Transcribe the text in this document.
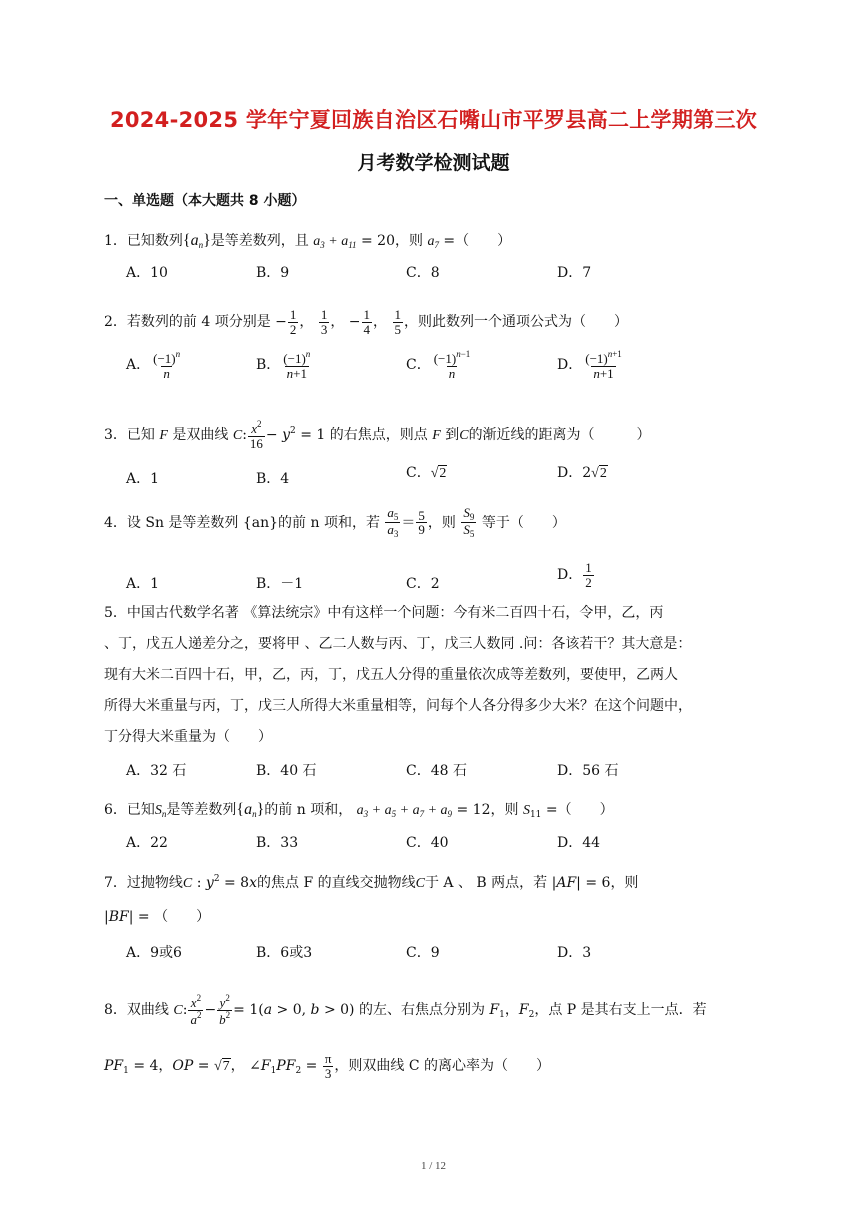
2024-2025 学年宁夏回族自治区石嘴山市平罗县高二上学期第三次
月考数学检测试题
一、单选题（本大题共 8 小题）
1．已知数列$\{a_n\}$是等差数列，且 $a_3 + a_{11} = 20$，则 $a_7$ =（　　）
A．10	B．9	C．8	D．7
2．若数列的前 4 项分别是 − $\frac{1}{2}$ ， $\frac{1}{3}$ ， − $\frac{1}{4}$ ， $\frac{1}{5}$ ，则此数列一个通项公式为（　　）
A． $\frac{(-1)^n}{n}$	B． $\frac{(-1)^n}{n+1}$	C． $\frac{(-1)^{n-1}}{n}$	D． $\frac{(-1)^{n+1}}{n+1}$
3．已知 F 是双曲线 C: $\frac{x^2}{16} - y^2 = 1$ 的右焦点，则点 F 到C的渐近线的距离为（　　　）
A．1	B．4	C．√2	D．2√2
4．设 Sn 是等差数列 {an}的前 n 项和，若 $\frac{a_5}{a_3} = \frac{5}{9}$ ，则 $\frac{S_9}{S_5}$ 等于（　　）
A．1	B．－1	C．2
D． $\frac{1}{2}$
5．中国古代数学名著 《算法统宗》中有这样一个问题：今有米二百四十石，令甲，乙，丙
、丁，戊五人递差分之，要将甲 、乙二人数与丙、丁，戊三人数同 .问：各该若干？其大意是：
现有大米二百四十石，甲，乙，丙，丁，戊五人分得的重量依次成等差数列，要使甲，乙两人
所得大米重量与丙，丁，戊三人所得大米重量相等，问每个人各分得多少大米？在这个问题中，
丁分得大米重量为（　　）
A．32 石	B．40 石	C．48 石	D．56 石
6．已知$S_n$是等差数列$\{a_n\}$的前 n 项和， $a_3 + a_5 + a_7 + a_9 = 12$，则 $S_{11}$ =（　　）
A．22	B．33	C．40	D．44
7．过抛物线C : $y^2 = 8x$的焦点 F 的直线交抛物线C于 A 、 B 两点，若 |AF| = 6，则
|BF| = （　　）
A．9或6	B．6或3	C．9	D．3
8．双曲线 C: $\frac{x^2}{a^2} - \frac{y^2}{b^2} = 1(a > 0$, b > 0) 的左、右焦点分别为 $F_1$，$F_2$，点 P 是其右支上一点．若
$PF_1 = 4$，OP = √7， $\angle F_1PF_2 = \frac{\pi}{3}$ ，则双曲线 C 的离心率为（　　）
1 / 12
